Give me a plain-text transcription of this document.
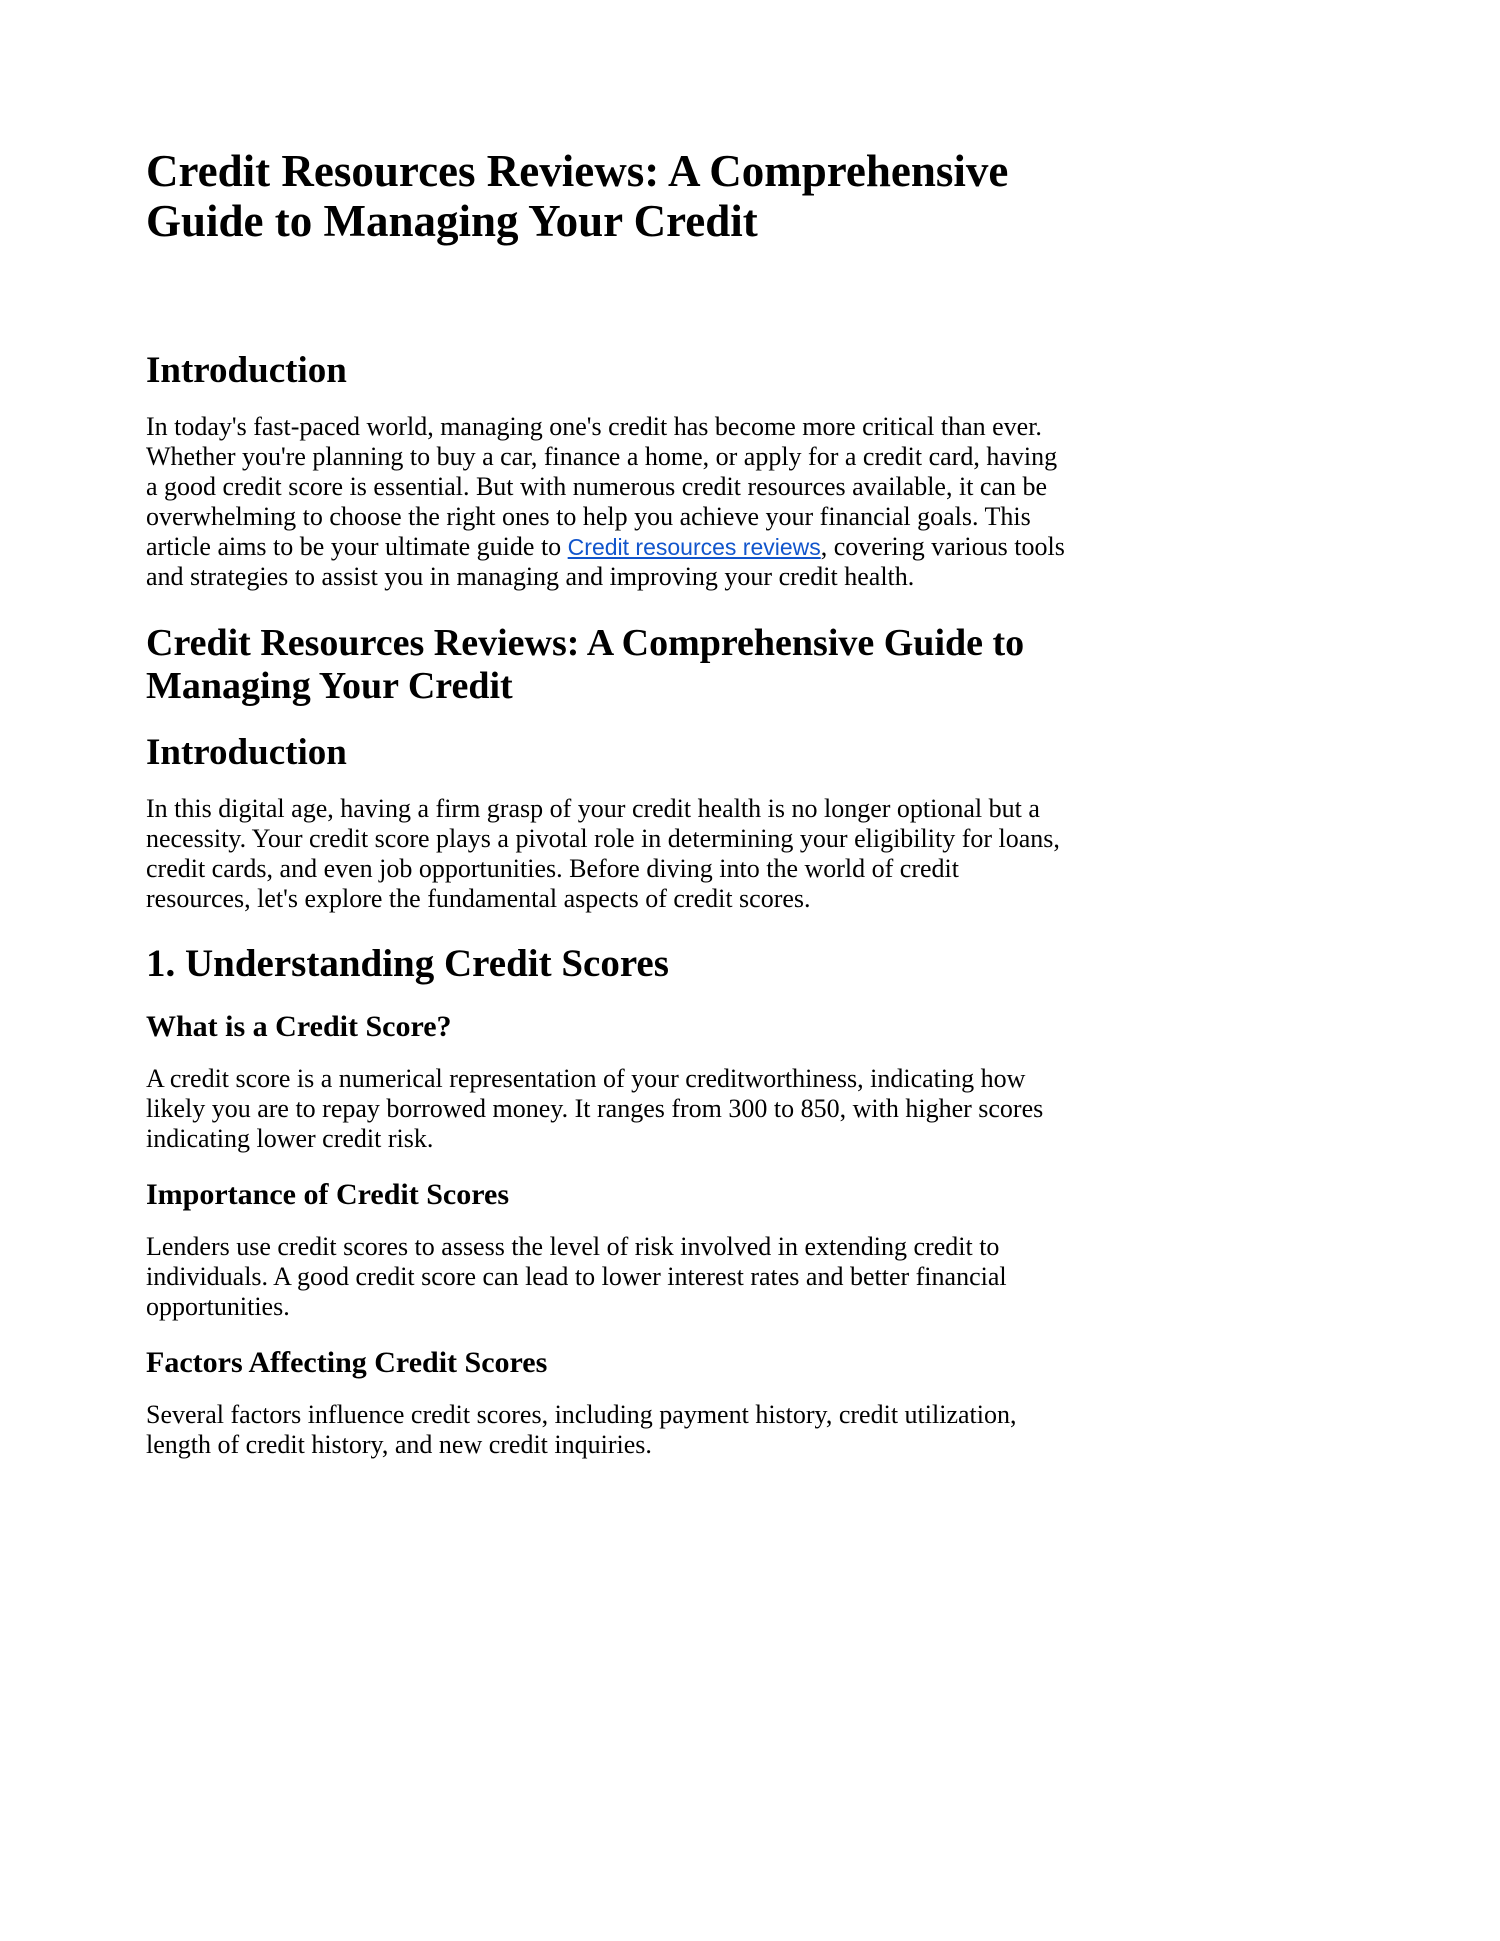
Credit Resources Reviews: A Comprehensive Guide to Managing Your Credit
Introduction

In today's fast-paced world, managing one's credit has become more critical than ever. Whether you're planning to buy a car, finance a home, or apply for a credit card, having a good credit score is essential. But with numerous credit resources available, it can be overwhelming to choose the right ones to help you achieve your financial goals. This article aims to be your ultimate guide to Credit resources reviews, covering various tools and strategies to assist you in managing and improving your credit health.

Credit Resources Reviews: A Comprehensive Guide to Managing Your Credit
Introduction

In this digital age, having a firm grasp of your credit health is no longer optional but a necessity. Your credit score plays a pivotal role in determining your eligibility for loans, credit cards, and even job opportunities. Before diving into the world of credit resources, let's explore the fundamental aspects of credit scores.

1. Understanding Credit Scores
What is a Credit Score?

A credit score is a numerical representation of your creditworthiness, indicating how likely you are to repay borrowed money. It ranges from 300 to 850, with higher scores indicating lower credit risk.

Importance of Credit Scores

Lenders use credit scores to assess the level of risk involved in extending credit to individuals. A good credit score can lead to lower interest rates and better financial opportunities.

Factors Affecting Credit Scores

Several factors influence credit scores, including payment history, credit utilization, length of credit history, and new credit inquiries.
